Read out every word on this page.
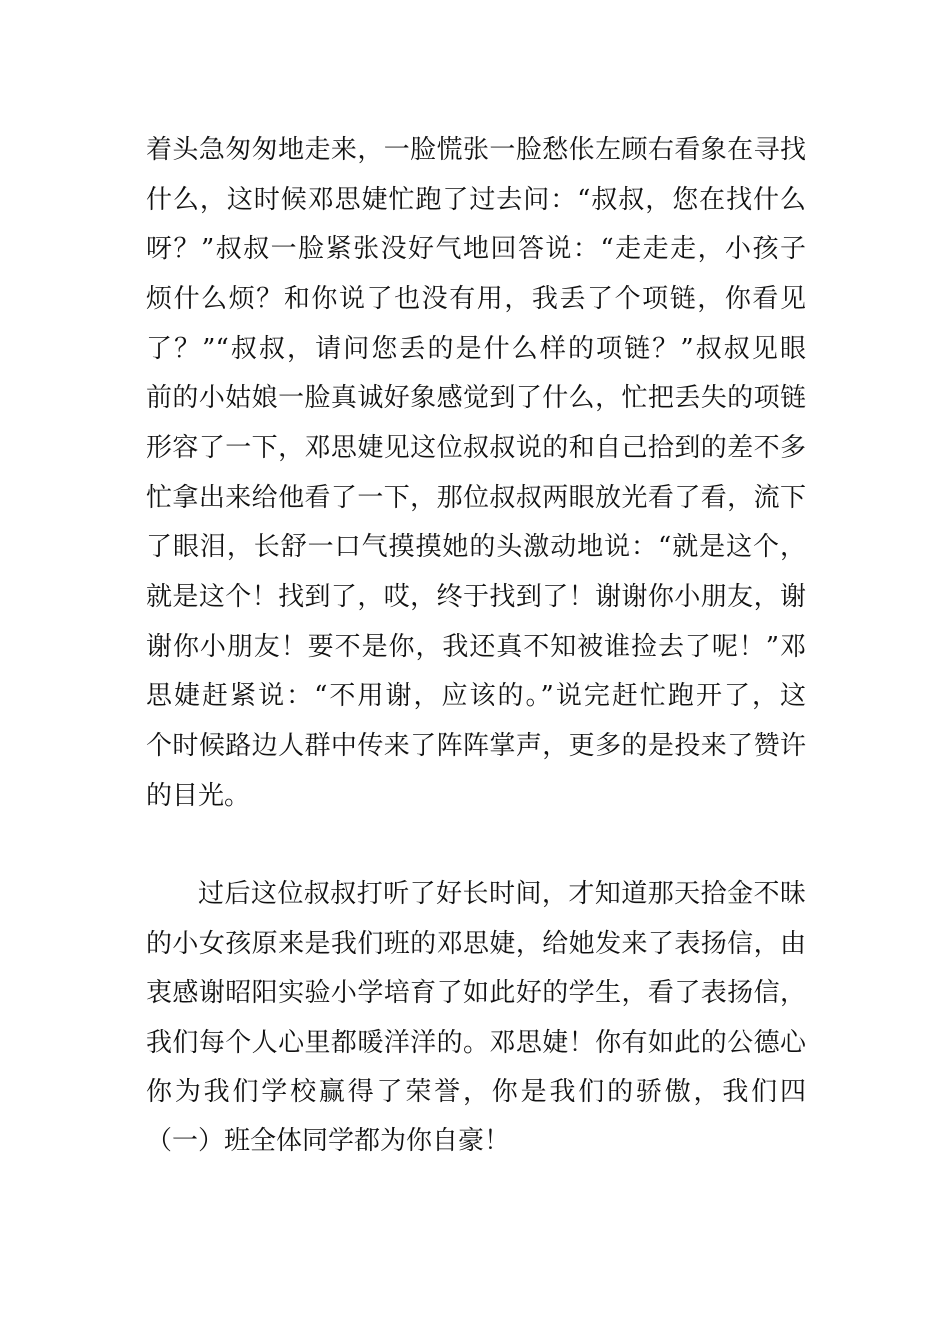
着头急匆匆地走来，一脸慌张一脸愁伥左顾右看象在寻找
什么，这时候邓思婕忙跑了过去问：“叔叔，您在找什么
呀？”叔叔一脸紧张没好气地回答说：“走走走，小孩子
烦什么烦？和你说了也没有用，我丢了个项链，你看见
了？”“叔叔，请问您丢的是什么样的项链？”叔叔见眼
前的小姑娘一脸真诚好象感觉到了什么，忙把丢失的项链
形容了一下，邓思婕见这位叔叔说的和自己拾到的差不多
忙拿出来给他看了一下，那位叔叔两眼放光看了看，流下
了眼泪，长舒一口气摸摸她的头激动地说：“就是这个，
就是这个！找到了，哎，终于找到了！谢谢你小朋友，谢
谢你小朋友！要不是你，我还真不知被谁捡去了呢！”邓
思婕赶紧说：“不用谢，应该的。”说完赶忙跑开了，这
个时候路边人群中传来了阵阵掌声，更多的是投来了赞许
的目光。
过后这位叔叔打听了好长时间，才知道那天拾金不昧
的小女孩原来是我们班的邓思婕，给她发来了表扬信，由
衷感谢昭阳实验小学培育了如此好的学生，看了表扬信，
我们每个人心里都暖洋洋的。邓思婕！你有如此的公德心
你为我们学校赢得了荣誉，你是我们的骄傲，我们四
（一）班全体同学都为你自豪！
